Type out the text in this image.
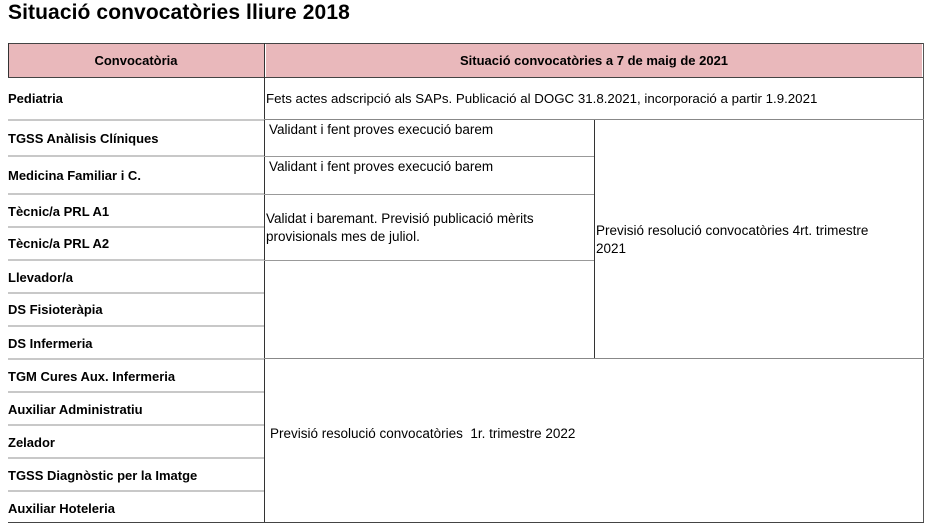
Situació convocatòries lliure 2018
Convocatòria	Situació convocatòries a 7 de maig de 2021
Pediatria
TGSS Anàlisis Clíniques
Medicina Familiar i C.
Tècnic/a PRL A1
Tècnic/a PRL A2
Llevador/a
DS Fisioteràpia
DS Infermeria
TGM Cures Aux. Infermeria
Auxiliar Administratiu
Zelador
TGSS Diagnòstic per la Imatge
Auxiliar Hoteleria
Fets actes adscripció als SAPs. Publicació al DOGC 31.8.2021, incorporació a partir 1.9.2021
Validant i fent proves execució barem
Validant i fent proves execució barem
Validat i baremant. Previsió publicació mèrits provisionals mes de juliol.	Previsió resolució convocatòries 4rt. trimestre 2021
Previsió resolució convocatòries  1r. trimestre 2022
